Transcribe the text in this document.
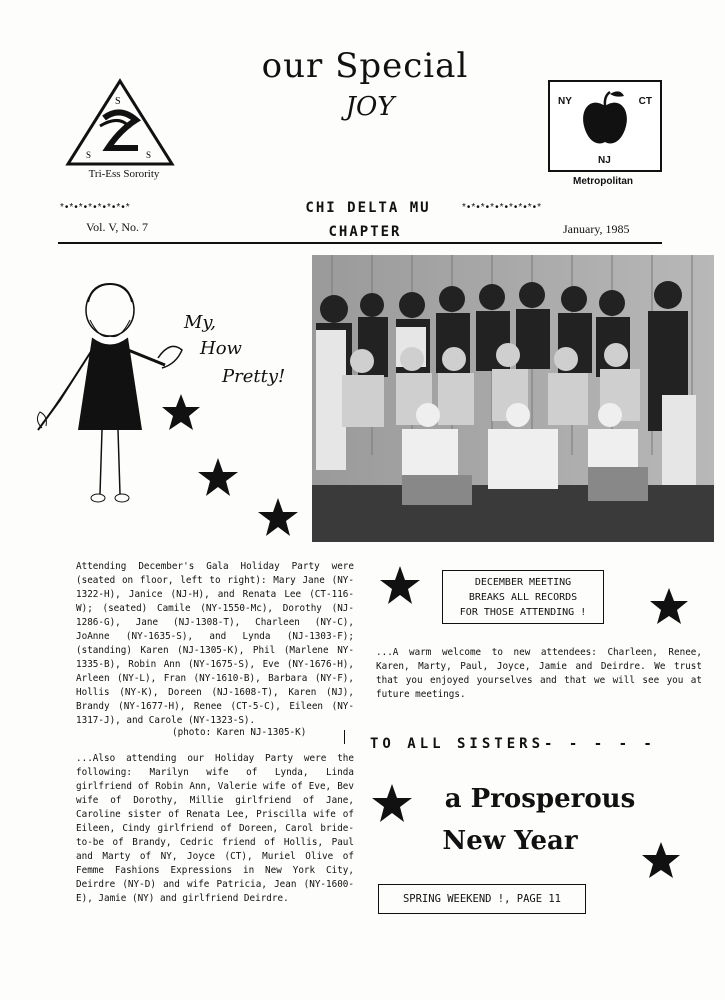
S
S	S
Tri-Ess Sorority
our Special
JOY	NY	CT
NJ
Metropolitan
*•*•*•*•*•*•*•*	*•*•*•*•*•*•*•*•*
CHI DELTA MU
CHAPTER
Vol. V, No. 7	January, 1985
My,
How
Pretty!
Attending December's Gala Holiday Party were (seated on floor, left to right): Mary Jane (NY-1322-H), Janice (NJ-H), and Renata Lee (CT-116-W); (seated) Camile (NY-1550-Mc), Dorothy (NJ-1286-G), Jane (NJ-1308-T), Charleen (NY-C), JoAnne (NY-1635-S), and Lynda (NJ-1303-F); (standing) Karen (NJ-1305-K), Phil (Marlene NY-1335-B), Robin Ann (NY-1675-S), Eve (NY-1676-H), Arleen (NY-L), Fran (NY-1610-B), Barbara (NY-F), Hollis (NY-K), Doreen (NJ-1608-T), Karen (NJ), Brandy (NY-1677-H), Renee (CT-5-C), Eileen (NY-1317-J), and Carole (NY-1323-S).
(photo: Karen NJ-1305-K)
...Also attending our Holiday Party were the following: Marilyn wife of Lynda, Linda girlfriend of Robin Ann, Valerie wife of Eve, Bev wife of Dorothy, Millie girlfriend of Jane, Caroline sister of Renata Lee, Priscilla wife of Eileen, Cindy girlfriend of Doreen, Carol bride-to-be of Brandy, Cedric friend of Hollis, Paul and Marty of NY, Joyce (CT), Muriel Olive of Femme Fashions Expressions in New York City, Deirdre (NY-D) and wife Patricia, Jean (NY-1600-E), Jamie (NY) and girlfriend Deirdre.
DECEMBER MEETING
BREAKS ALL RECORDS
FOR THOSE ATTENDING !
...A warm welcome to new attendees: Charleen, Renee, Karen, Marty, Paul, Joyce, Jamie and Deirdre. We trust that you enjoyed yourselves and that we will see you at future meetings.
TO ALL SISTERS- - - - -
a Prosperous
New Year
SPRING WEEKEND !, PAGE 11
